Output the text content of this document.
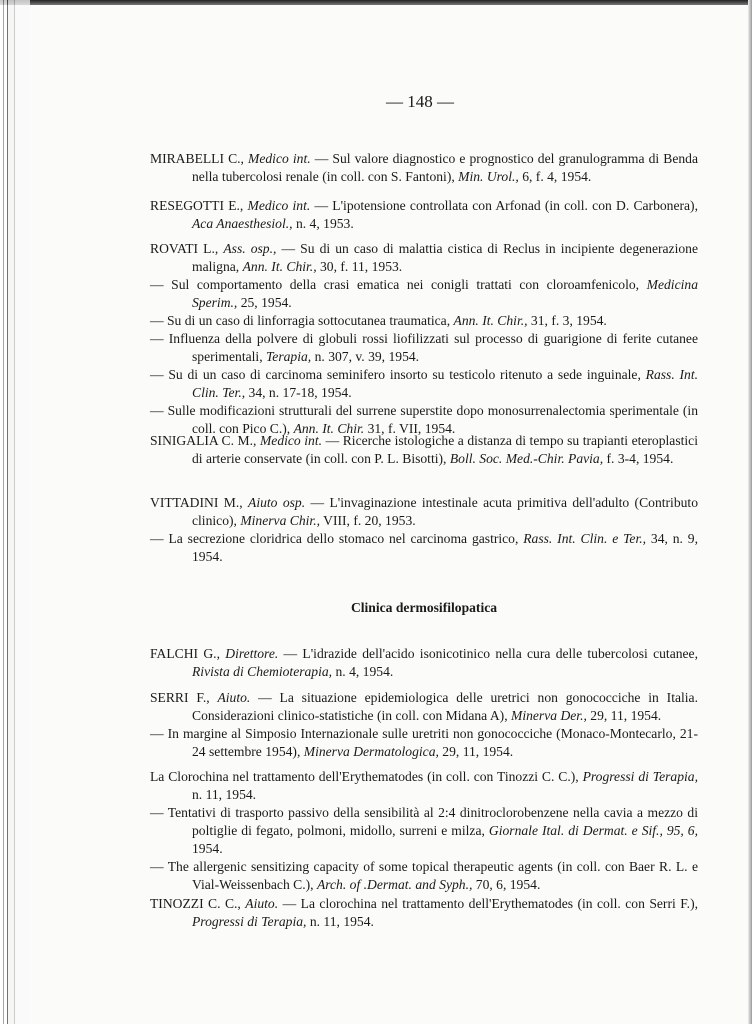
— 148 —

MIRABELLI C., Medico int. — Sul valore diagnostico e prognostico del granulogramma di Benda nella tubercolosi renale (in coll. con S. Fantoni), Min. Urol., 6, f. 4, 1954.

RESEGOTTI E., Medico int. — L'ipotensione controllata con Arfonad (in coll. con D. Carbonera), Aca Anaesthesiol., n. 4, 1953.

ROVATI L., Ass. osp., — Su di un caso di malattia cistica di Reclus in incipiente degenerazione maligna, Ann. It. Chir., 30, f. 11, 1953.

— Sul comportamento della crasi ematica nei conigli trattati con cloroamfenicolo, Medicina Sperim., 25, 1954.

— Su di un caso di linforragia sottocutanea traumatica, Ann. It. Chir., 31, f. 3, 1954.

— Influenza della polvere di globuli rossi liofilizzati sul processo di guarigione di ferite cutanee sperimentali, Terapia, n. 307, v. 39, 1954.

— Su di un caso di carcinoma seminifero insorto su testicolo ritenuto a sede inguinale, Rass. Int. Clin. Ter., 34, n. 17-18, 1954.

— Sulle modificazioni strutturali del surrene superstite dopo monosurrenalectomia sperimentale (in coll. con Pico C.), Ann. It. Chir. 31, f. VII, 1954.

SINIGALIA C. M., Medico int. — Ricerche istologiche a distanza di tempo su trapianti eteroplastici di arterie conservate (in coll. con P. L. Bisotti), Boll. Soc. Med.-Chir. Pavia, f. 3-4, 1954.

VITTADINI M., Aiuto osp. — L'invaginazione intestinale acuta primitiva dell'adulto (Contributo clinico), Minerva Chir., VIII, f. 20, 1953.

— La secrezione cloridrica dello stomaco nel carcinoma gastrico, Rass. Int. Clin. e Ter., 34, n. 9, 1954.

FALCHI G., Direttore. — L'idrazide dell'acido isonicotinico nella cura delle tubercolosi cutanee, Rivista di Chemioterapia, n. 4, 1954.

SERRI F., Aiuto. — La situazione epidemiologica delle uretrici non gonococciche in Italia. Considerazioni clinico-statistiche (in coll. con Midana A), Minerva Der., 29, 11, 1954.

— In margine al Simposio Internazionale sulle uretriti non gonococciche (Monaco-Montecarlo, 21-24 settembre 1954), Minerva Dermatologica, 29, 11, 1954.

La Clorochina nel trattamento dell'Erythematodes (in coll. con Tinozzi C. C.), Progressi di Terapia, n. 11, 1954.

— Tentativi di trasporto passivo della sensibilità al 2:4 dinitroclorobenzene nella cavia a mezzo di poltiglie di fegato, polmoni, midollo, surreni e milza, Giornale Ital. di Dermat. e Sif., 95, 6, 1954.

— The allergenic sensitizing capacity of some topical therapeutic agents (in coll. con Baer R. L. e Vial-Weissenbach C.), Arch. of .Dermat. and Syph., 70, 6, 1954.

TINOZZI C. C., Aiuto. — La clorochina nel trattamento dell'Erythematodes (in coll. con Serri F.), Progressi di Terapia, n. 11, 1954.

Clinica dermosifilopatica
